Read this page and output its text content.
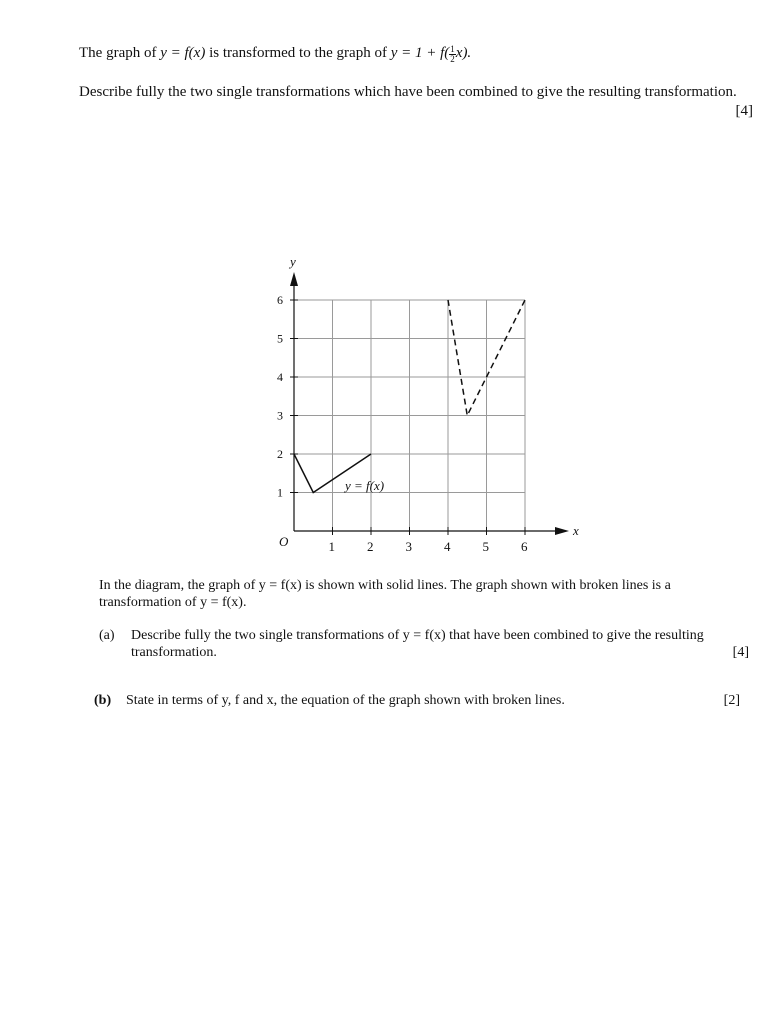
The graph of y = f(x) is transformed to the graph of $y = 1 + f( \frac{1}{2} x)$.

Describe fully the two single transformations which have been combined to give the resulting transformation.
[4]

x
y
O	1 2 3 4 5 6
1
2
3
4
5
6
y = f(x)

In the diagram, the graph of y = f(x) is shown with solid lines. The graph shown with broken lines is a transformation of y = f(x).

(a) Describe fully the two single transformations of y = f(x) that have been combined to give the resulting transformation.	[4]
(b) State in terms of y, f and x, the equation of the graph shown with broken lines.	[2]
